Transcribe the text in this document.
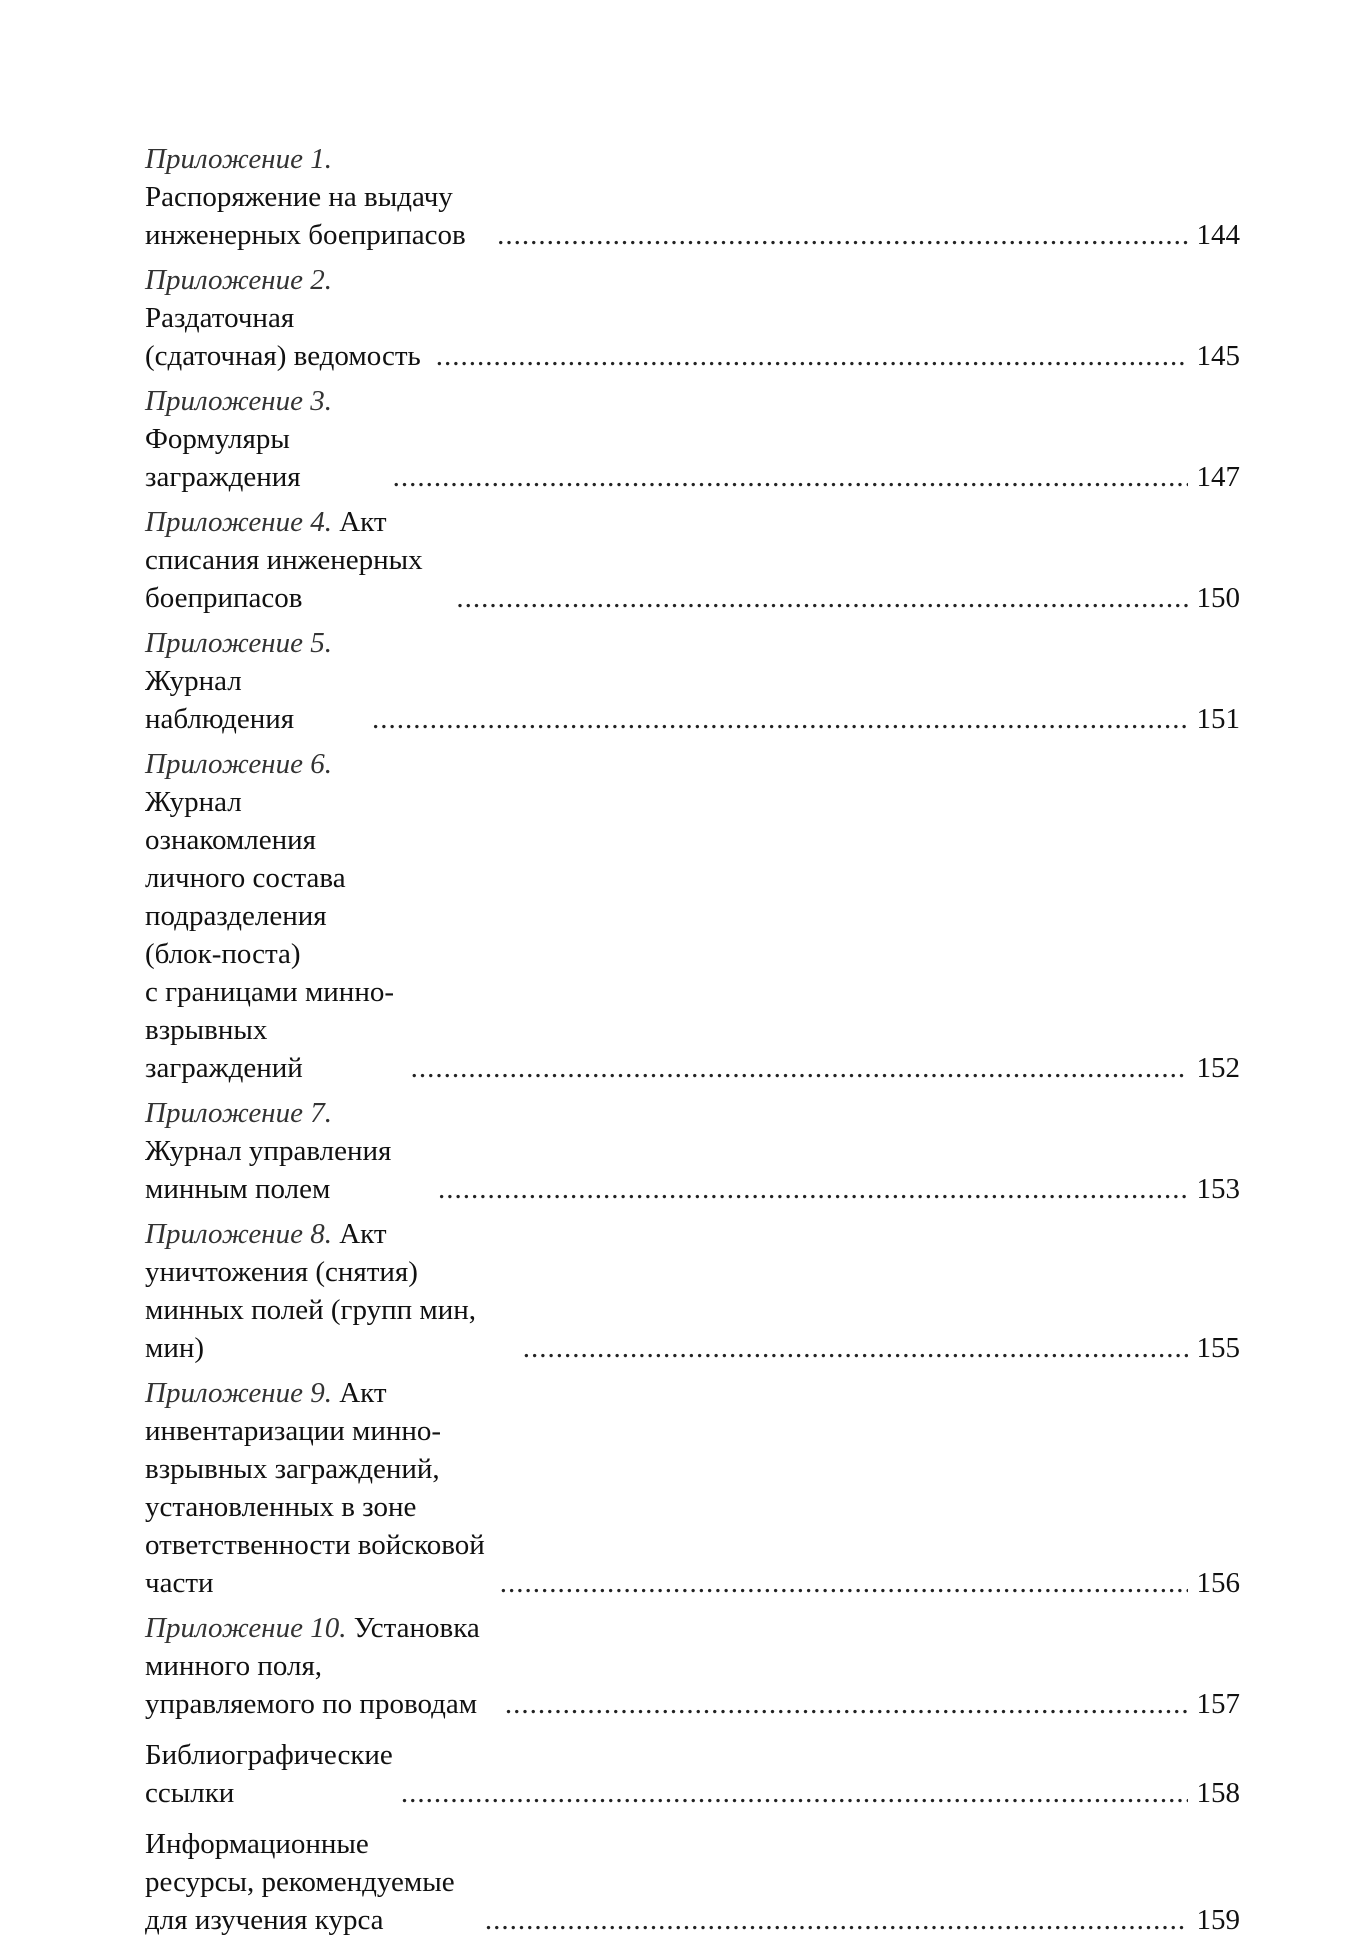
Приложение 1. Распоряжение на выдачу инженерных боеприпасов .....	144
Приложение 2. Раздаточная (сдаточная) ведомость .....	145
Приложение 3. Формуляры заграждения .....	147
Приложение 4. Акт списания инженерных боеприпасов .....	150
Приложение 5. Журнал наблюдения .....	151
Приложение 6. Журнал ознакомления
личного состава подразделения (блок-поста)
с границами минно-взрывных заграждений .....	152
Приложение 7. Журнал управления минным полем .....	153
Приложение 8. Акт уничтожения (снятия) минных полей (групп мин, мин) .....	155
Приложение 9. Акт инвентаризации минно-взрывных заграждений,
установленных в зоне ответственности войсковой части .....	156
Приложение 10. Установка минного поля, управляемого по проводам .....	157
Библиографические ссылки .....	158
Информационные ресурсы, рекомендуемые для изучения курса .....	159
